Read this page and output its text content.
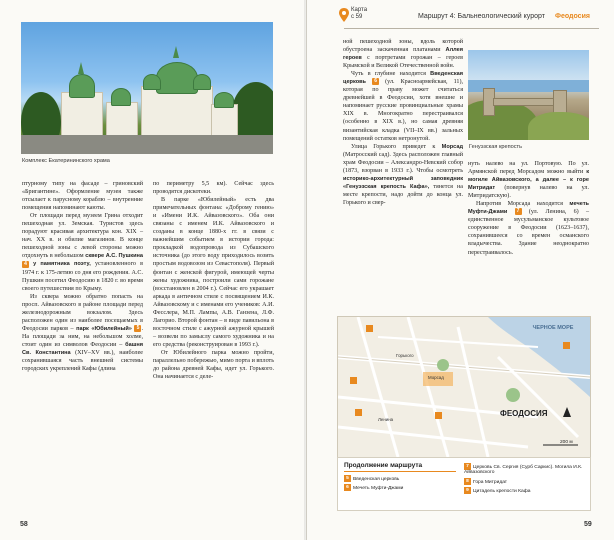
Комплекс Екатерининского храма

птурному типу на фасаде – гриновский «Бригантине». Оформление музея также отсылает к парусному кораблю – внутренние помещения напоминают каюты.

От площади перед музеем Грина отходит пешеходная ул. Земская. Туристов здесь порадуют красивая архитектура кон. XIX – нач. XX в. и обилие магазинов. В конце пешеходной зоны с левой стороны можно отдохнуть в небольшом сквере А.С. Пушкина 4 у памятника поэту, установленного в 1974 г. к 175-летию со дня его рождения. А.С. Пушкин посетил Феодосию в 1820 г. во время своего путешествия по Крыму.

Из сквера можно обратно попасть на просп. Айвазовского в районе площади перед железнодорожным вокзалом. Здесь расположен один из наиболее посещаемых в Феодосии парков – парк «Юбилейный» 5 . На площади за ним, на небольшом холме, стоит один из символов Феодосии – башня Св. Константина (XIV–XV вв.), наиболее сохранившаяся часть внешней системы городских укреплений Кафы (длина

по периметру 5,5 км). Сейчас здесь проводятся дискотеки.

В парке «Юбилейный» есть два примечательных фонтана: «Доброму гению» и «Имени И.К. Айвазовского». Оба они связаны с именем И.К. Айвазовского и созданы в конце 1880-х гг. в связи с важнейшим событием в истории города: прокладкой водопровода из Субашского источника (до этого воду приходилось возить простым водовозом из Севастополя). Первый фонтан с женской фигурой, имеющей черты жены художника, построили сами горожане (восстановлен в 2004 г.). Сейчас его украшает аркада в античном стиле с посвящением И.К. Айвазовскому и с именами его учеников: А.И. Фесслера, М.П. Лампы, А.В. Ганзена, Л.Ф. Лагорио. Второй фонтан – в виде павильона в восточном стиле с ажурной ажурной крышей – возвели по замыслу самого художника и на его средства (реконструирован в 1993 г.).

От Юбилейного парка можно пройти, параллельно побережью, мимо порта и вплоть до района древней Кафы, идет ул. Горького. Она начинается с деле-

58
Карта
с 59	Маршрут 4: Бальнеологический курорт Феодосия

ной пешеходной зоны, вдоль которой обустроена заскаченная платанами Аллея героев с портретами горожан – героев Крымской и Великой Отечественной войн.

Чуть в глубине находится Введенская церковь 6 (ул. Красноармейская, 11), которая по праву может считаться древнейшей в Феодосии, хотя внешне и напоминает русские провинциальные храмы XIX в. Многократно перестраивался (особенно в XIX в.), но самая древняя византийская кладка (VII–IX вв.) зальных помещений остатков нетронутой.

Улица Горького приведет к Морсад (Матросский сад). Здесь расположен главный храм Феодосии – Александро-Невский собор (1873, взорван в 1933 г.). Чтобы осмотреть историко-архитектурный заповедник «Генуэзская крепость Кафа», тянется на месте крепости, надо дойти до конца ул. Горького и свер-

Генуэзская крепость

нуть налево на ул. Портовую. По ул. Армянской перед Морсадом можно выйти к могиле Айвазовского, а далее – к горе Митридат (повернув налево на ул. Митридатскую).

Напротив Морсада находится мечеть Муфти-Джами 7 (ул. Ленина, 6) – единственное мусульманское культовое сооружение в Феодосии (1623–1637), сохранившееся со времен османского владычества. Здание неоднократно перестраивалось.

ЧЕРНОЕ МОРЕ
ФЕОДОСИЯ
200 м
Морсад
Горького
Ленина
Продолжение маршрута
5 Введенская церковь
6 Мечеть Муфти-Джами
7 Церковь Св. Сергия (Сурб Саркис). Могила И.К. Айвазовского
8 Гора Митридат
9 Цитадель крепости Кафа
59
